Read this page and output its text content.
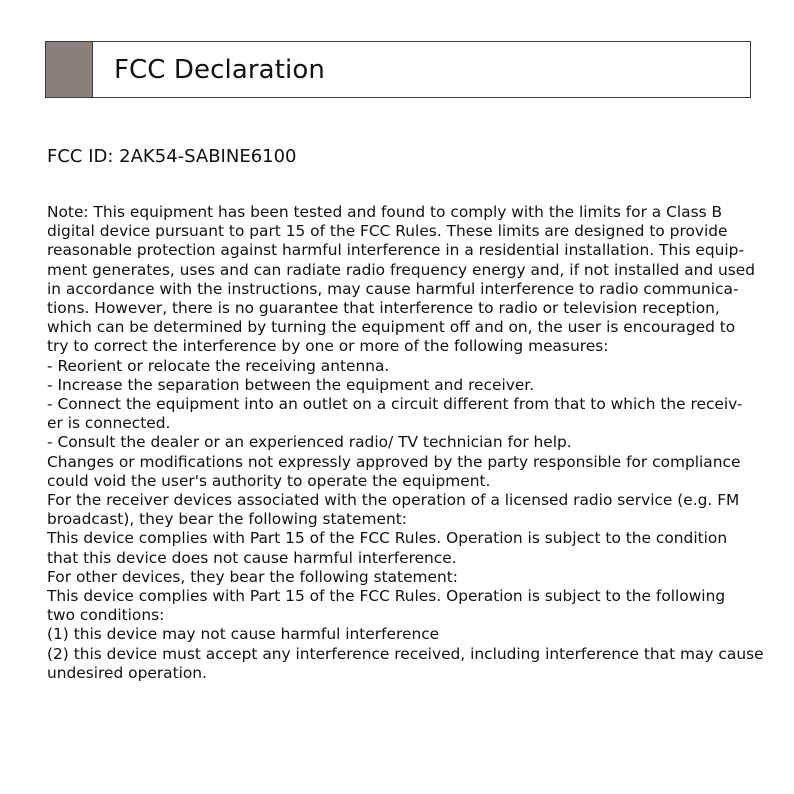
FCC Declaration
FCC ID: 2AK54-SABINE6100
Note: This equipment has been tested and found to comply with the limits for a Class B
digital device pursuant to part 15 of the FCC Rules. These limits are designed to provide
reasonable protection against harmful interference in a residential installation. This equip-
ment generates, uses and can radiate radio frequency energy and, if not installed and used
in accordance with the instructions, may cause harmful interference to radio communica-
tions. However, there is no guarantee that interference to radio or television reception,
which can be determined by turning the equipment off and on, the user is encouraged to
try to correct the interference by one or more of the following measures:
- Reorient or relocate the receiving antenna.
- Increase the separation between the equipment and receiver.
- Connect the equipment into an outlet on a circuit different from that to which the receiv-
er is connected.
- Consult the dealer or an experienced radio/ TV technician for help.
Changes or modifications not expressly approved by the party responsible for compliance
could void the user's authority to operate the equipment.
For the receiver devices associated with the operation of a licensed radio service (e.g. FM
broadcast), they bear the following statement:
This device complies with Part 15 of the FCC Rules. Operation is subject to the condition
that this device does not cause harmful interference.
For other devices, they bear the following statement:
This device complies with Part 15 of the FCC Rules. Operation is subject to the following
two conditions:
(1) this device may not cause harmful interference
(2) this device must accept any interference received, including interference that may cause
undesired operation.
